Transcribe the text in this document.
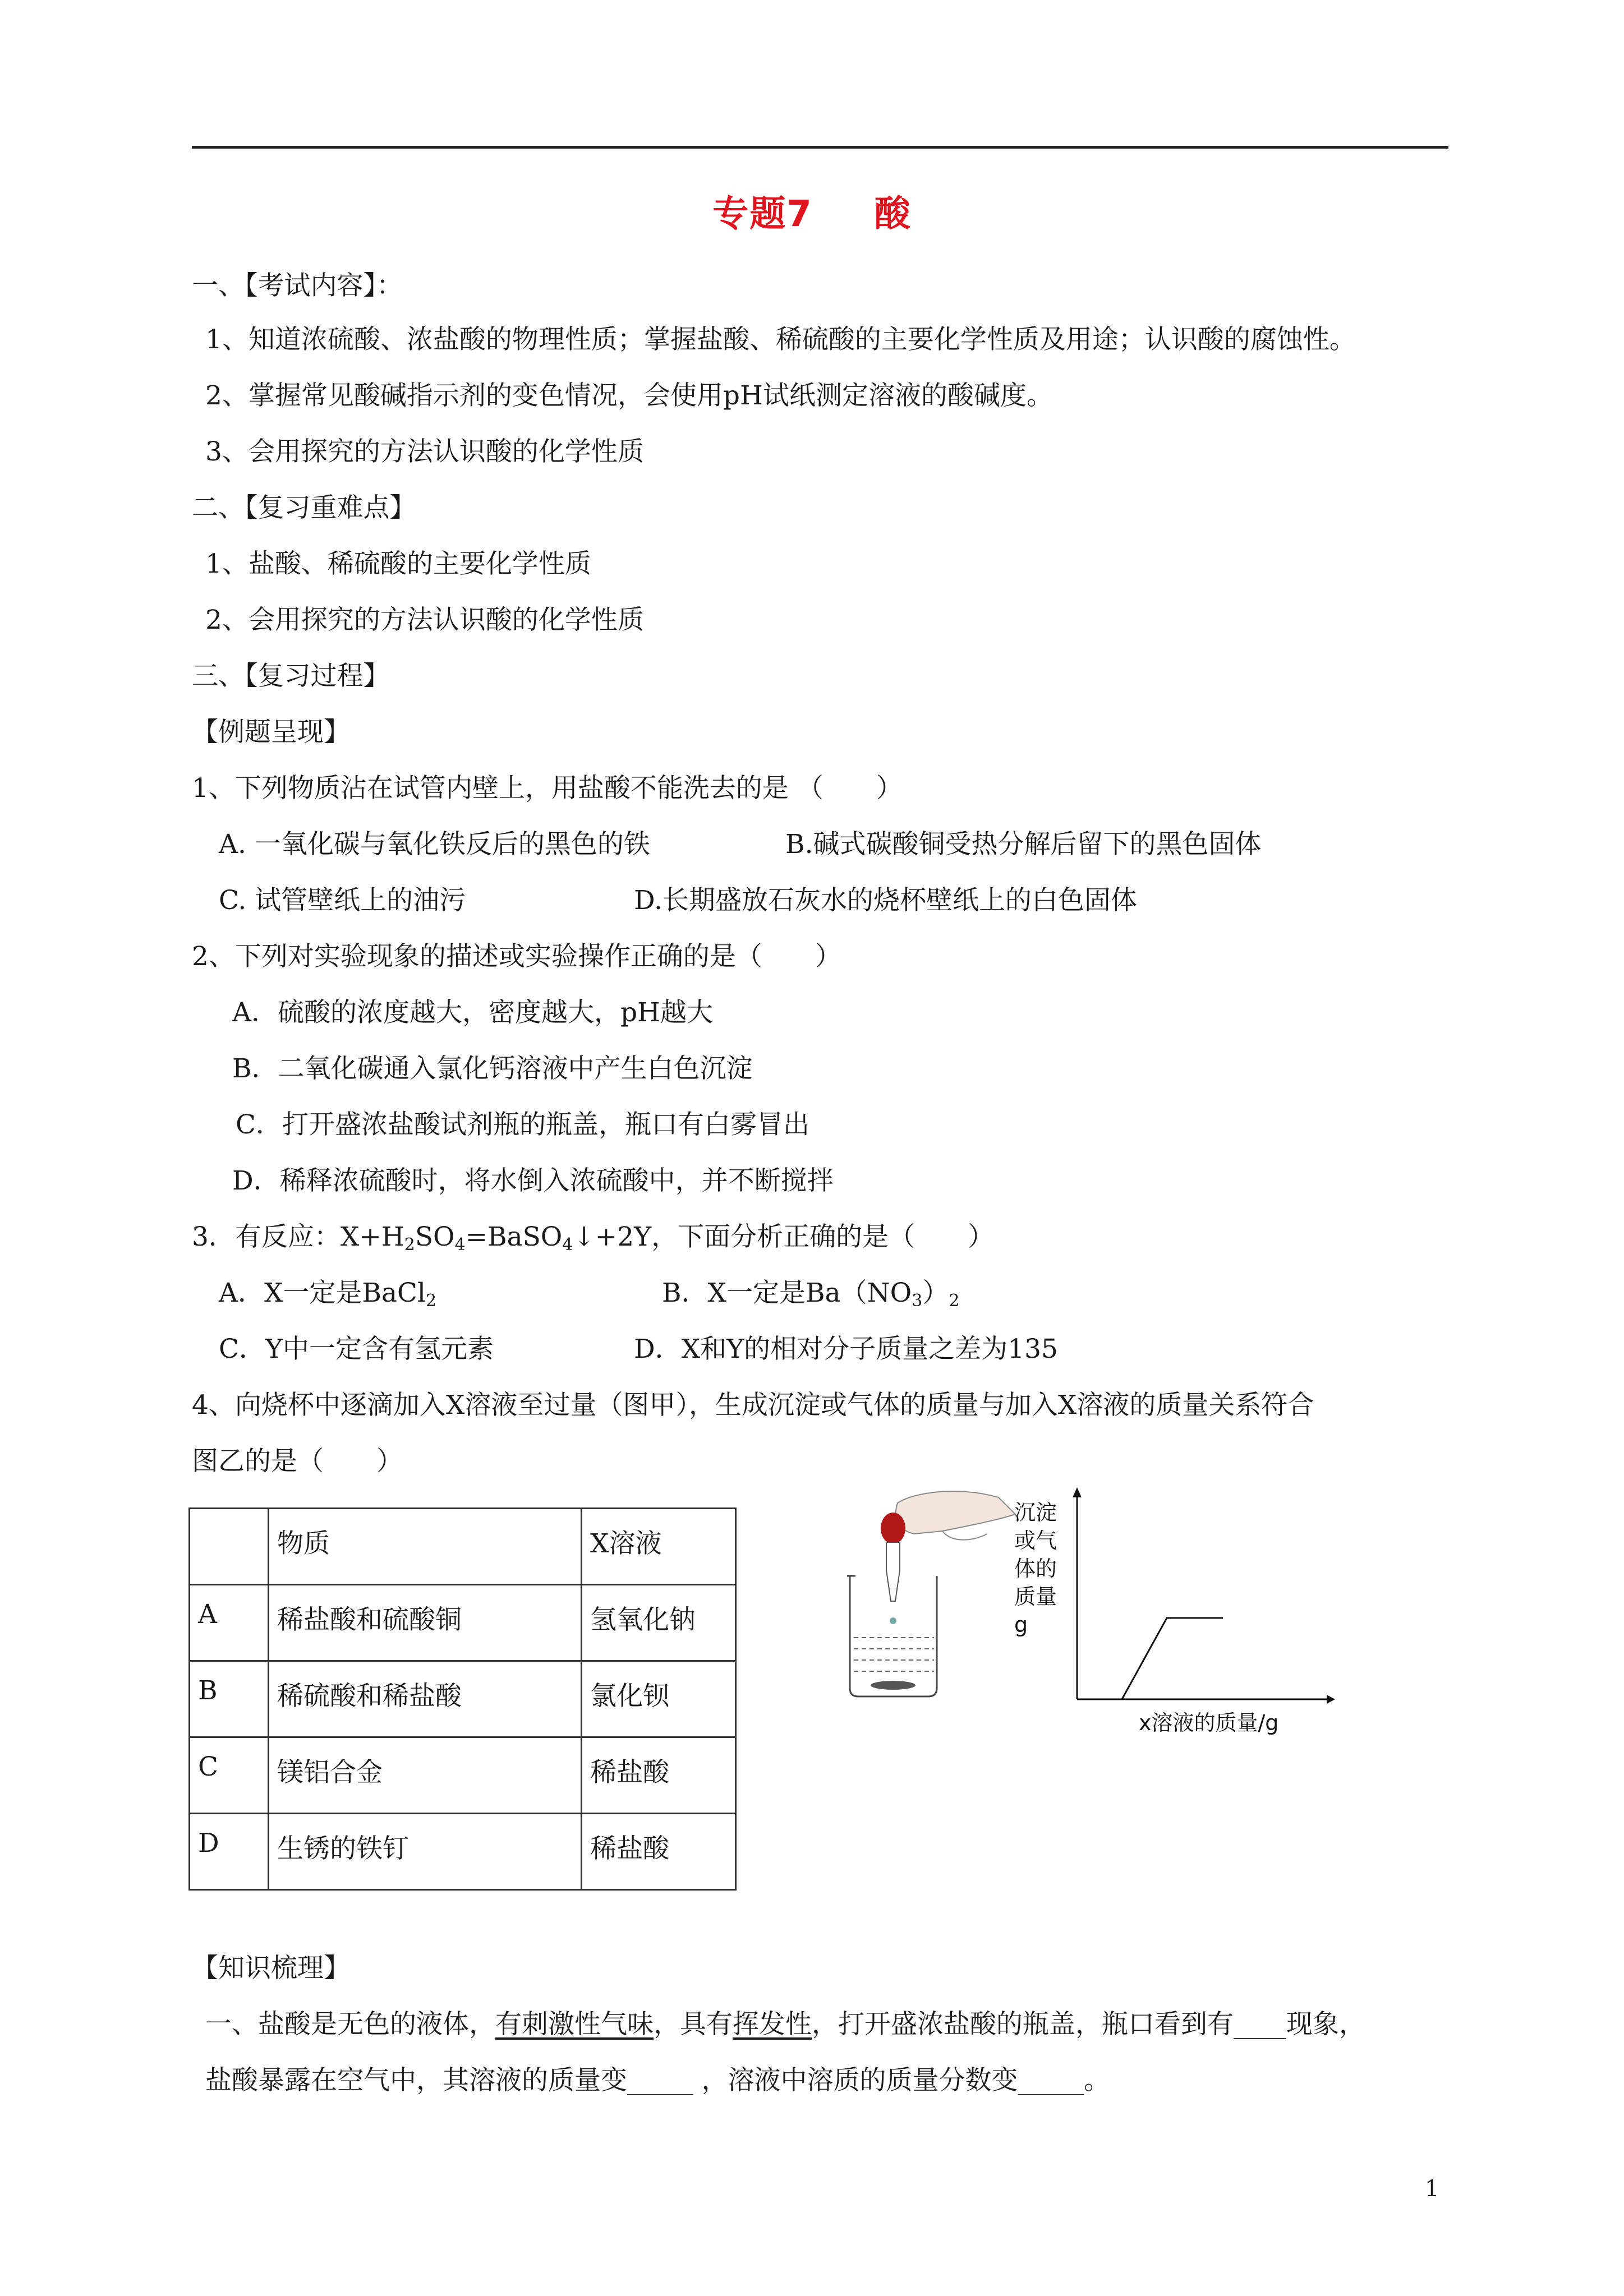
专题7 酸
一、【考试内容】：
1、知道浓硫酸、浓盐酸的物理性质；掌握盐酸、稀硫酸的主要化学性质及用途；认识酸的腐蚀性。
2、掌握常见酸碱指示剂的变色情况，会使用pH试纸测定溶液的酸碱度。
3、会用探究的方法认识酸的化学性质
二、【复习重难点】
1、盐酸、稀硫酸的主要化学性质
2、会用探究的方法认识酸的化学性质
三、【复习过程】
【例题呈现】
1、下列物质沾在试管内壁上，用盐酸不能洗去的是 （　　）
A. 一氧化碳与氧化铁反后的黑色的铁	B.碱式碳酸铜受热分解后留下的黑色固体
C. 试管壁纸上的油污	D.长期盛放石灰水的烧杯壁纸上的白色固体
2、下列对实验现象的描述或实验操作正确的是（　　）
A．硫酸的浓度越大，密度越大，pH越大
B．二氧化碳通入氯化钙溶液中产生白色沉淀
C．打开盛浓盐酸试剂瓶的瓶盖，瓶口有白雾冒出
D．稀释浓硫酸时，将水倒入浓硫酸中，并不断搅拌
3．有反应：$X+H_2SO_4=BaSO_4↓+2Y$，下面分析正确的是（　　）
A．X一定是BaCl$_2$	B．X一定是$Ba(NO_3)_2$
C．Y中一定含有氢元素	D．X和Y的相对分子质量之差为135
4、向烧杯中逐滴加入X溶液至过量（图甲），生成沉淀或气体的质量与加入X溶液的质量关系符合
图乙的是（　　）
	物质	X溶液
A	稀盐酸和硫酸铜	氢氧化钠
B	稀硫酸和稀盐酸	氯化钡
C	镁铝合金	稀盐酸
D	生锈的铁钉	稀盐酸
沉淀
或气
体的
质量
g
x溶液的质量/g
【知识梳理】
一、盐酸是无色的液体，有刺激性气味，具有挥发性，打开盛浓盐酸的瓶盖，瓶口看到有____现象，
盐酸暴露在空气中，其溶液的质量变_____ ，溶液中溶质的质量分数变_____。
1
